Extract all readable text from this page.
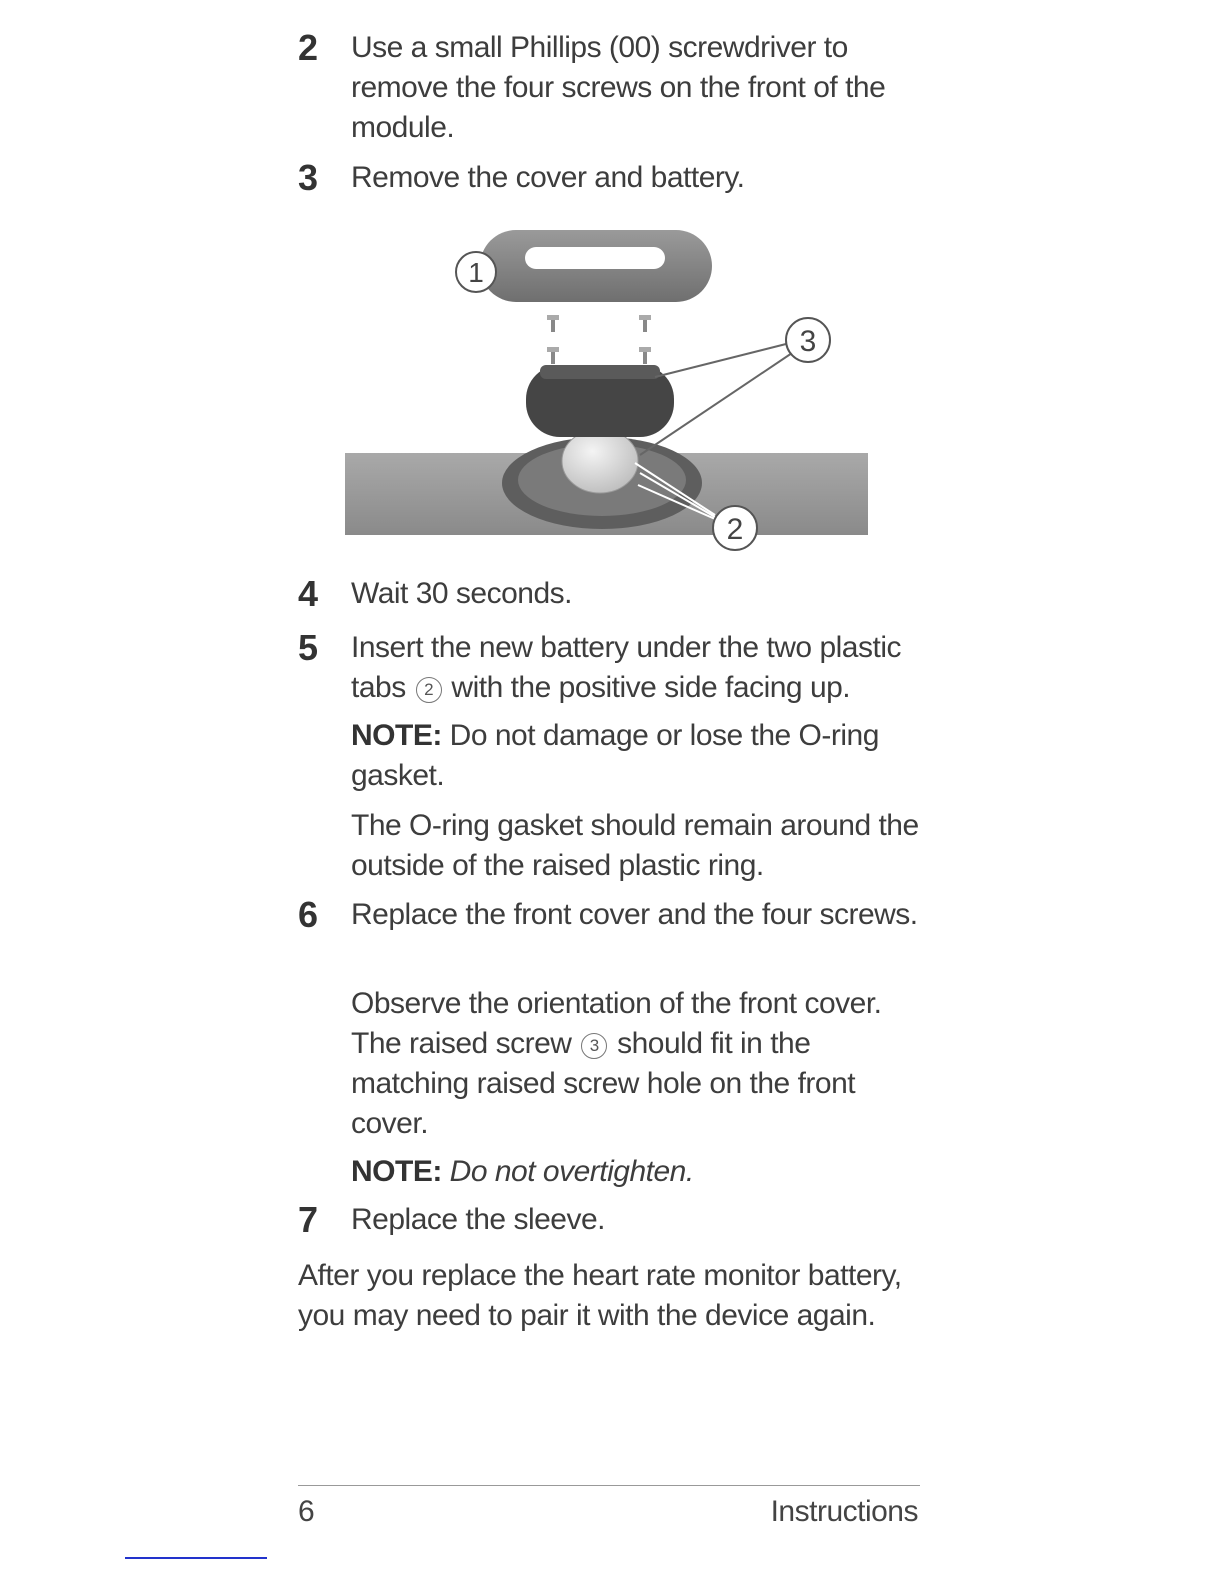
2	Use a small Phillips (00) screwdriver to remove the four screws on the front of the module.
3	Remove the cover and battery.
1
3
2
4	Wait 30 seconds.
5	Insert the new battery under the two plastic tabs 2 with the positive side facing up.
NOTE: Do not damage or lose the O-ring gasket.
The O-ring gasket should remain around the outside of the raised plastic ring.
6	Replace the front cover and the four screws.
Observe the orientation of the front cover. The raised screw 3 should fit in the matching raised screw hole on the front cover.
NOTE: Do not overtighten.
7	Replace the sleeve.
After you replace the heart rate monitor battery, you may need to pair it with the device again.
6	Instructions
